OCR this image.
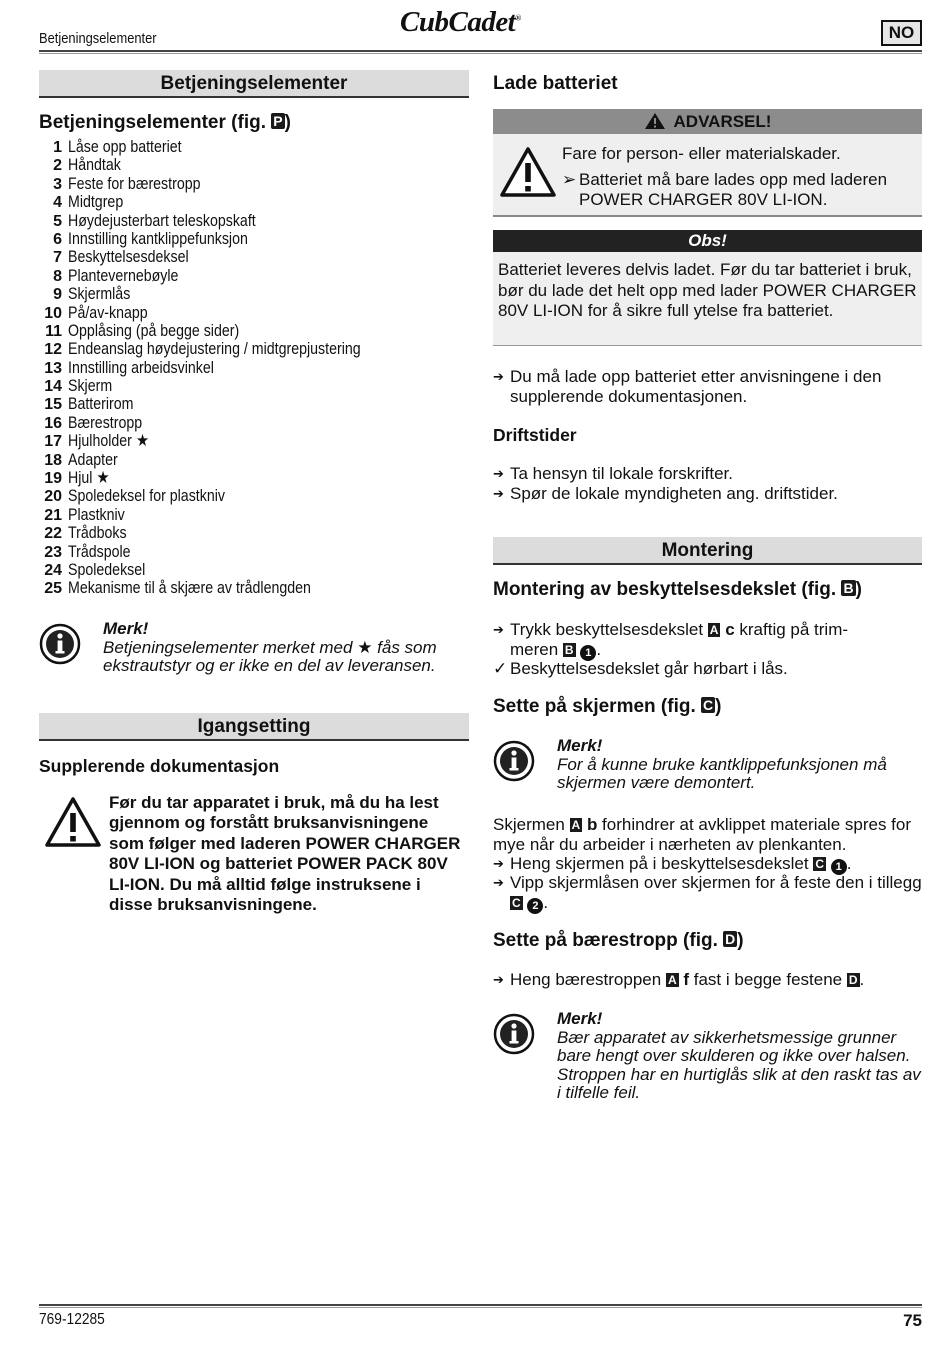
Betjeningselementer
CubCadet®
NO
Betjeningselementer
Betjeningselementer (fig. P )
1 Låse opp batteriet
2 Håndtak
3 Feste for bærestropp
4 Midtgrep
5 Høydejusterbart teleskopskaft
6 Innstilling kantklippefunksjon
7 Beskyttelsesdeksel
8 Plantevernebøyle
9 Skjermlås
10 På/av-knapp
11 Opplåsing (på begge sider)
12 Endeanslag høydejustering / midtgrepjustering
13 Innstilling arbeidsvinkel
14 Skjerm
15 Batterirom
16 Bærestropp
17 Hjulholder ★
18 Adapter
19 Hjul ★
20 Spoledeksel for plastkniv
21 Plastkniv
22 Trådboks
23 Trådspole
24 Spoledeksel
25 Mekanisme til å skjære av trådlengden
Merk!
Betjeningselementer merket med ★ fås som ekstrautstyr og er ikke en del av leveransen.
Igangsetting
Supplerende dokumentasjon
Før du tar apparatet i bruk, må du ha lest gjennom og forstått bruksanvisningene som følger med laderen POWER CHARGER 80V LI-ION og batteriet POWER PACK 80V LI-ION. Du må alltid følge instruksene i disse bruksanvisningene.
Lade batteriet
ADVARSEL!
Fare for person- eller materialskader.
➢ Batteriet må bare lades opp med laderen POWER CHARGER 80V LI-ION.
Obs!
Batteriet leveres delvis ladet. Før du tar batteriet i bruk, bør du lade det helt opp med lader POWER CHARGER 80V LI-ION for å sikre full ytelse fra batteriet.
➔ Du må lade opp batteriet etter anvisningene i den supplerende dokumentasjonen.
Driftstider
➔ Ta hensyn til lokale forskrifter.
➔ Spør de lokale myndigheten ang. driftstider.
Montering
Montering av beskyttelsesdekslet (fig. B )
➔ Trykk beskyttelsesdekslet A c kraftig på trim-meren B 1 .
✓ Beskyttelsesdekslet går hørbart i lås.
Sette på skjermen (fig. C )
Merk!
For å kunne bruke kantklippefunksjonen må skjermen være demontert.
Skjermen A b forhindrer at avklippet materiale spres for mye når du arbeider i nærheten av plenkanten.
➔ Heng skjermen på i beskyttelsesdekslet C 1 .
➔ Vipp skjermlåsen over skjermen for å feste den i tillegg C 2 .
Sette på bærestropp (fig. D )
➔ Heng bærestroppen A f fast i begge festene D .
Merk!
Bær apparatet av sikkerhetsmessige grunner bare hengt over skulderen og ikke over halsen. Stroppen har en hurtiglås slik at den raskt tas av i tilfelle feil.
769-12285	75
